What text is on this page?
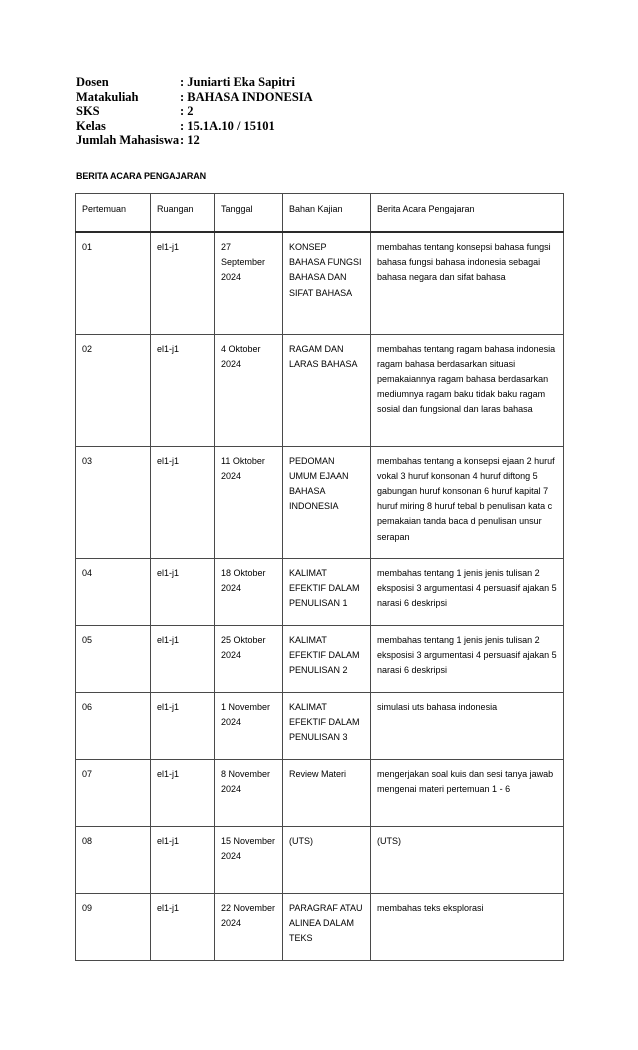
Dosen	: Juniarti Eka Sapitri
Matakuliah	: BAHASA INDONESIA
SKS	: 2
Kelas	: 15.1A.10 / 15101
Jumlah Mahasiswa : 12
BERITA ACARA PENGAJARAN
Pertemuan	Ruangan	Tanggal	Bahan Kajian	Berita Acara Pengajaran
01	el1-j1	27 September 2024	KONSEP BAHASA FUNGSI BAHASA DAN SIFAT BAHASA	membahas tentang konsepsi bahasa fungsi bahasa fungsi bahasa indonesia sebagai bahasa negara dan sifat bahasa
02	el1-j1	4 Oktober 2024	RAGAM DAN LARAS BAHASA	membahas tentang ragam bahasa indonesia ragam bahasa berdasarkan situasi pemakaiannya ragam bahasa berdasarkan mediumnya ragam baku tidak baku ragam sosial dan fungsional dan laras bahasa
03	el1-j1	11 Oktober 2024	PEDOMAN UMUM EJAAN BAHASA INDONESIA	membahas tentang a konsepsi ejaan 2 huruf vokal 3 huruf konsonan 4 huruf diftong 5 gabungan huruf konsonan 6 huruf kapital 7 huruf miring 8 huruf tebal b penulisan kata c pemakaian tanda baca d penulisan unsur serapan
04	el1-j1	18 Oktober 2024	KALIMAT EFEKTIF DALAM PENULISAN 1	membahas tentang 1 jenis jenis tulisan 2 eksposisi 3 argumentasi 4 persuasif ajakan 5 narasi 6 deskripsi
05	el1-j1	25 Oktober 2024	KALIMAT EFEKTIF DALAM PENULISAN 2	membahas tentang 1 jenis jenis tulisan 2 eksposisi 3 argumentasi 4 persuasif ajakan 5 narasi 6 deskripsi
06	el1-j1	1 November 2024	KALIMAT EFEKTIF DALAM PENULISAN 3	simulasi uts bahasa indonesia
07	el1-j1	8 November 2024	Review Materi	mengerjakan soal kuis dan sesi tanya jawab mengenai materi pertemuan 1 - 6
08	el1-j1	15 November 2024	(UTS)	(UTS)
09	el1-j1	22 November 2024	PARAGRAF ATAU ALINEA DALAM TEKS	membahas teks eksplorasi
